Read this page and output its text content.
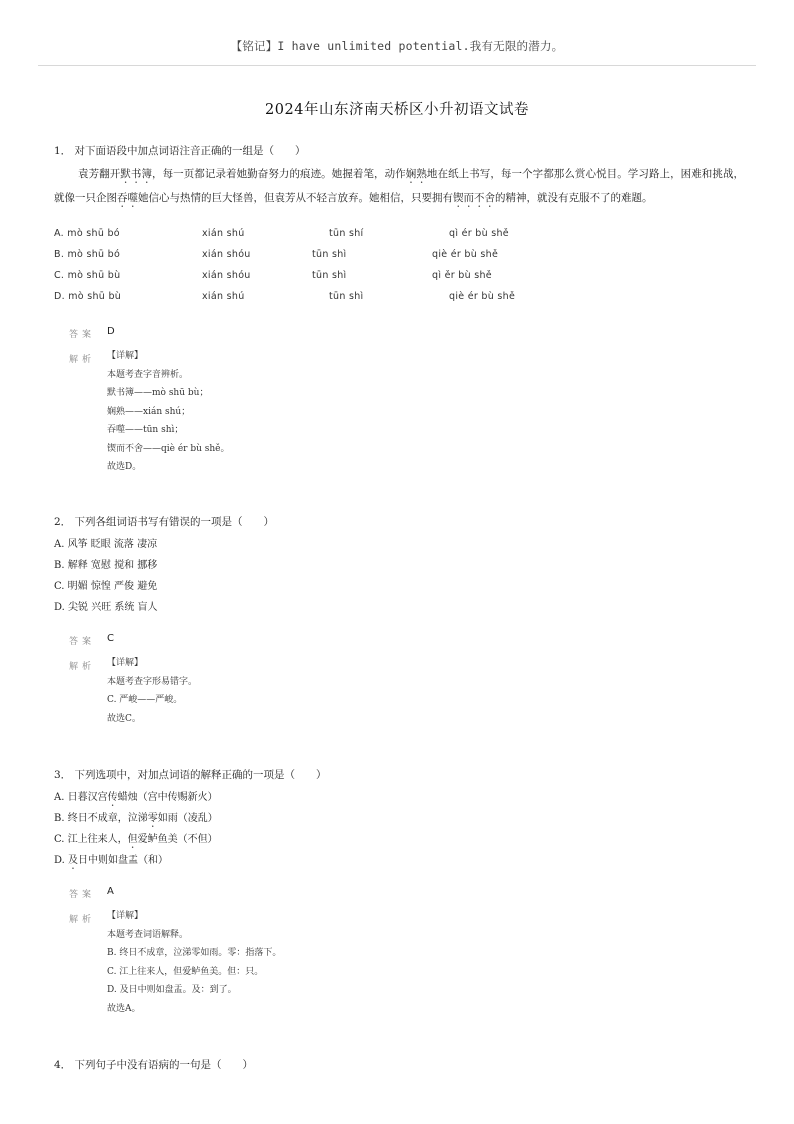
【铭记】I have unlimited potential.我有无限的潜力。
2024年山东济南天桥区小升初语文试卷
1． 对下面语段中加点词语注音正确的一组是（　　）
袁芳翻开默书簿，每一页都记录着她勤奋努力的痕迹。她握着笔，动作娴熟地在纸上书写，每一个字都那么赏心悦目。学习路上，困难和挑战，就像一只企图吞噬她信心与热情的巨大怪兽，但袁芳从不轻言放弃。她相信，只要拥有锲而不舍的精神，就没有克服不了的难题。
A. mò shū bó	xián shú	tūn shí	qì ér bù shě
B. mò shū bó	xián shóu	tūn shì	qiè ér bù shě
C. mò shū bù	xián shóu	tūn shì	qì ěr bù shě
D. mò shū bù	xián shú	tūn shì	qiè ér bù shě
答案 D
解析 【详解】
本题考查字音辨析。
默书簿——mò shū bù；
娴熟——xián shú；
吞噬——tūn shì；
锲而不舍——qiè ér bù shě。
故选D。
2． 下列各组词语书写有错误的一项是（　　）
A. 风筝 眨眼 流落 凄凉
B. 解释 宽慰 搅和 挪移
C. 明媚 惊惶 严俊 避免
D. 尖锐 兴旺 系统 盲人
答案 C
解析 【详解】
本题考查字形易错字。
C. 严峻——严峻。
故选C。
3． 下列选项中，对加点词语的解释正确的一项是（　　）
A. 日暮汉宫传蜡烛（宫中传赐新火）
B. 终日不成章，泣涕零如雨（凌乱）
C. 江上往来人，但爱鲈鱼美（不但）
D. 及日中则如盘盂（和）
答案 A
解析 【详解】
本题考查词语解释。
B. 终日不成章，泣涕零如雨。零：指落下。
C. 江上往来人，但爱鲈鱼美。但：只。
D. 及日中则如盘盂。及：到了。
故选A。
4． 下列句子中没有语病的一句是（　　）
